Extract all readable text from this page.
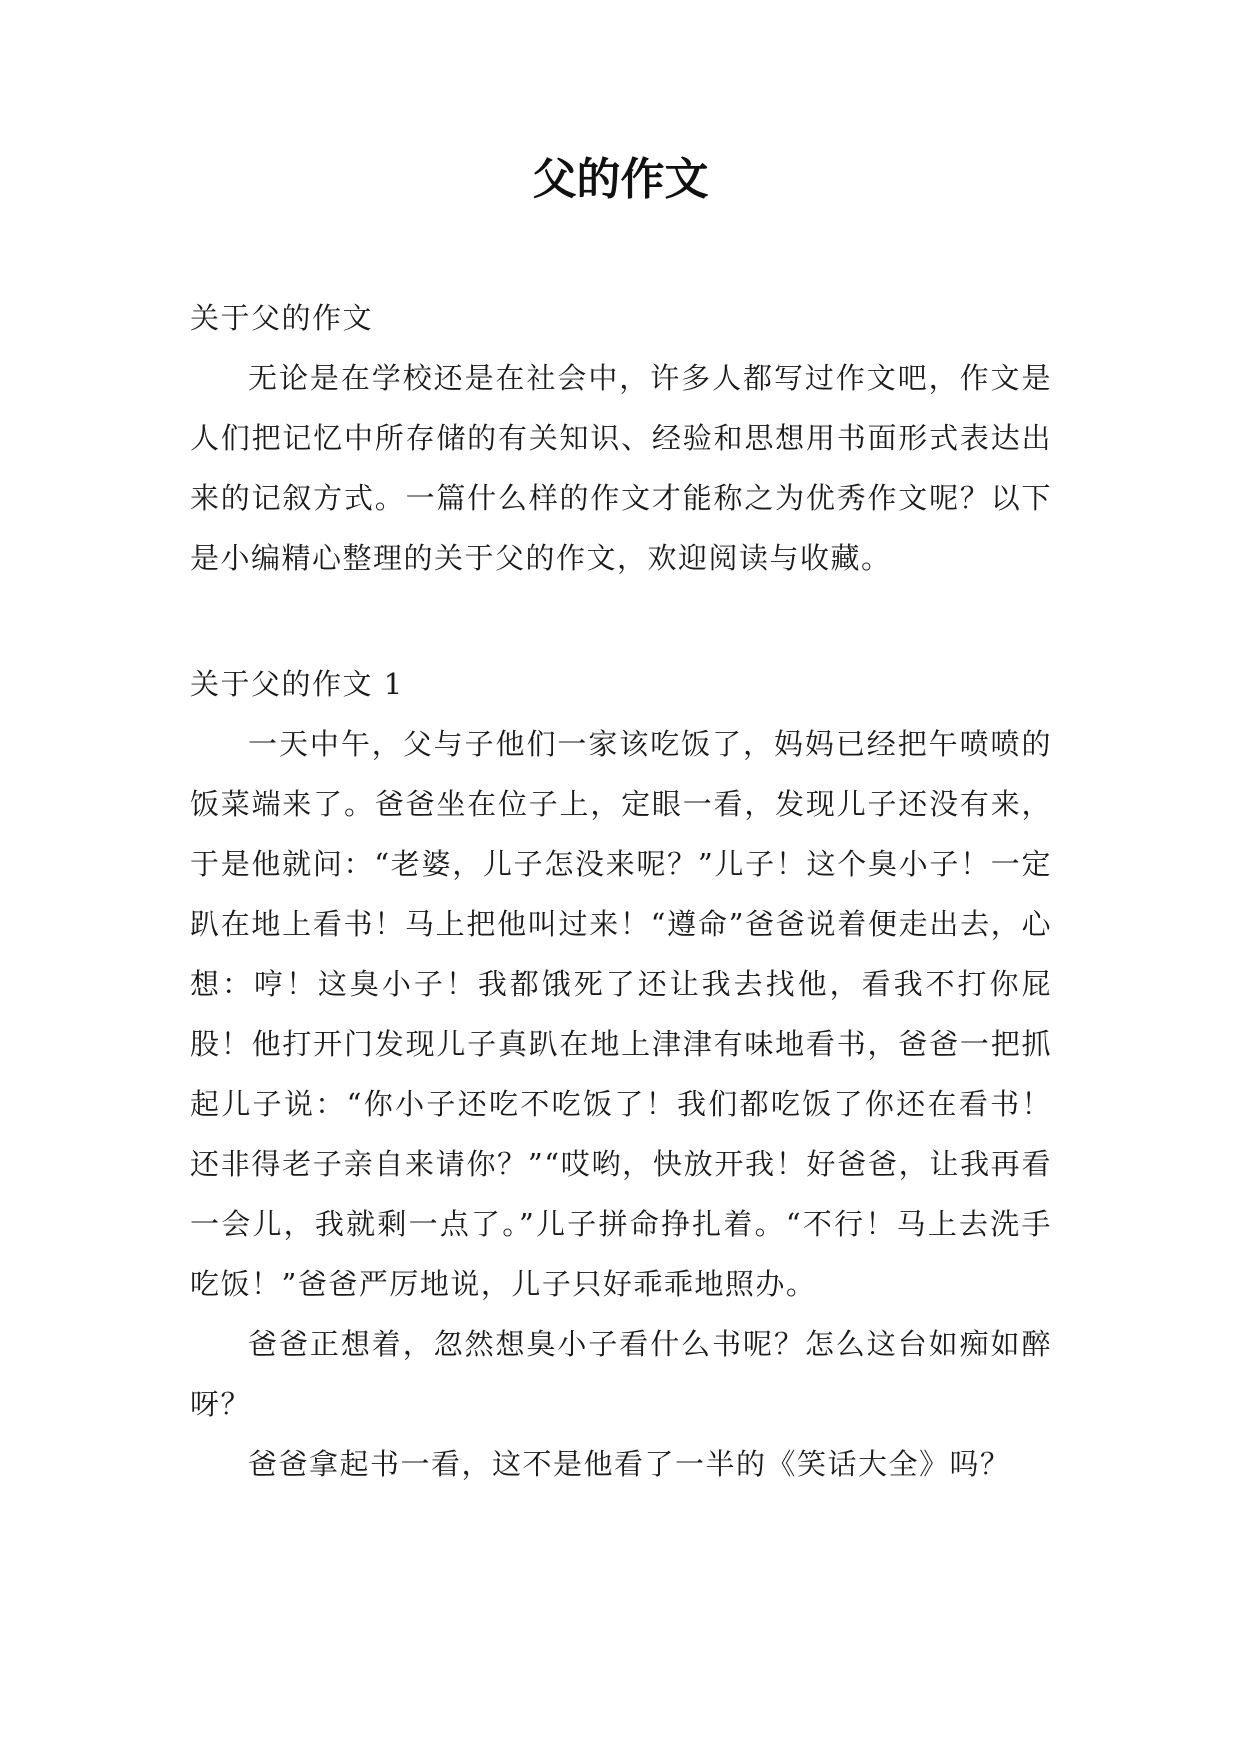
父的作文
关于父的作文

无论是在学校还是在社会中，许多人都写过作文吧，作文是人们把记忆中所存储的有关知识、经验和思想用书面形式表达出来的记叙方式。一篇什么样的作文才能称之为优秀作文呢？以下是小编精心整理的关于父的作文，欢迎阅读与收藏。

关于父的作文 1

一天中午，父与子他们一家该吃饭了，妈妈已经把午喷喷的饭菜端来了。爸爸坐在位子上，定眼一看，发现儿子还没有来，于是他就问：“老婆，儿子怎没来呢？”儿子！这个臭小子！一定趴在地上看书！马上把他叫过来！“遵命”爸爸说着便走出去，心想：哼！这臭小子！我都饿死了还让我去找他，看我不打你屁股！他打开门发现儿子真趴在地上津津有味地看书，爸爸一把抓起儿子说：“你小子还吃不吃饭了！我们都吃饭了你还在看书！还非得老子亲自来请你？”“哎哟，快放开我！好爸爸，让我再看一会儿，我就剩一点了。”儿子拼命挣扎着。“不行！马上去洗手吃饭！”爸爸严厉地说，儿子只好乖乖地照办。

爸爸正想着，忽然想臭小子看什么书呢？怎么这台如痴如醉呀？

爸爸拿起书一看，这不是他看了一半的《笑话大全》吗？
